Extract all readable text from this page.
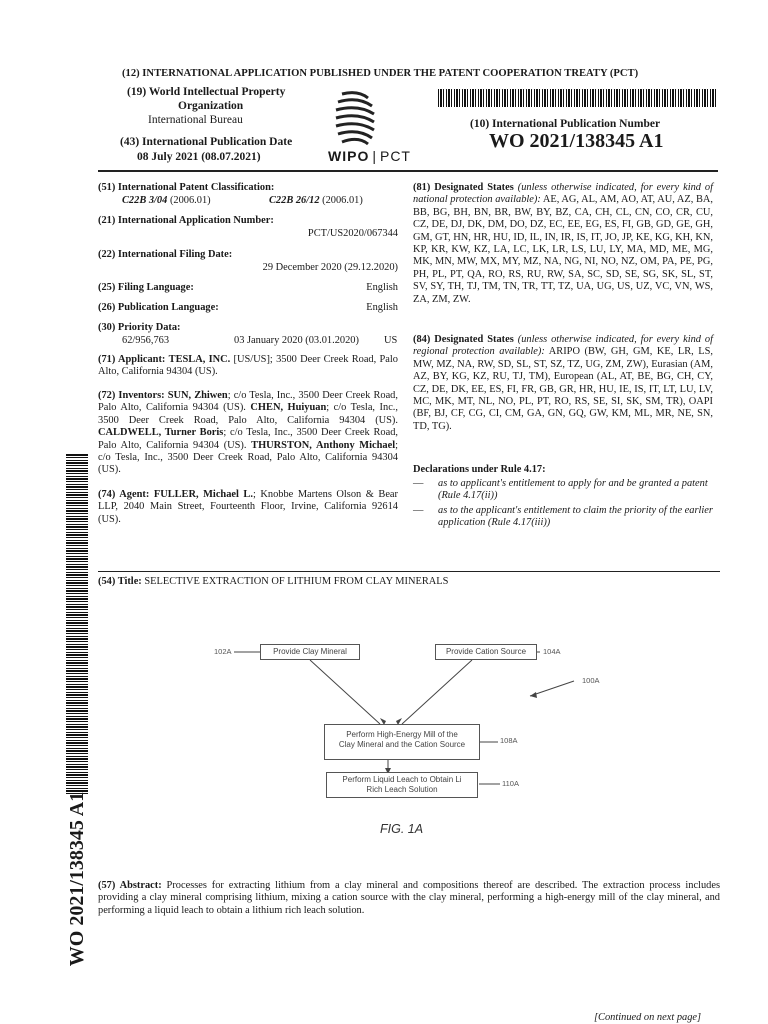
(12) INTERNATIONAL APPLICATION PUBLISHED UNDER THE PATENT COOPERATION TREATY (PCT)
(19) World Intellectual Property
Organization
International Bureau
WIPO | PCT
(10) International Publication Number
WO 2021/138345 A1
(43) International Publication Date
08 July 2021 (08.07.2021)
(51) International Patent Classification:
C22B 3/04 (2006.01)	C22B 26/12 (2006.01)
(21) International Application Number:
PCT/US2020/067344
(22) International Filing Date:
29 December 2020 (29.12.2020)
(25) Filing Language:	English
(26) Publication Language:	English
(30) Priority Data:
62/956,763	03 January 2020 (03.01.2020) US
(71) Applicant: TESLA, INC. [US/US]; 3500 Deer Creek Road, Palo Alto, California 94304 (US).
(72) Inventors: SUN, Zhiwen; c/o Tesla, Inc., 3500 Deer Creek Road, Palo Alto, California 94304 (US). CHEN, Huiyuan; c/o Tesla, Inc., 3500 Deer Creek Road, Palo Alto, California 94304 (US). CALDWELL, Turner Boris; c/o Tesla, Inc., 3500 Deer Creek Road, Palo Alto, California 94304 (US). THURSTON, Anthony Michael; c/o Tesla, Inc., 3500 Deer Creek Road, Palo Alto, California 94304 (US).
(74) Agent: FULLER, Michael L.; Knobbe Martens Olson & Bear LLP, 2040 Main Street, Fourteenth Floor, Irvine, California 92614 (US).
(81) Designated States (unless otherwise indicated, for every kind of national protection available): AE, AG, AL, AM, AO, AT, AU, AZ, BA, BB, BG, BH, BN, BR, BW, BY, BZ, CA, CH, CL, CN, CO, CR, CU, CZ, DE, DJ, DK, DM, DO, DZ, EC, EE, EG, ES, FI, GB, GD, GE, GH, GM, GT, HN, HR, HU, ID, IL, IN, IR, IS, IT, JO, JP, KE, KG, KH, KN, KP, KR, KW, KZ, LA, LC, LK, LR, LS, LU, LY, MA, MD, ME, MG, MK, MN, MW, MX, MY, MZ, NA, NG, NI, NO, NZ, OM, PA, PE, PG, PH, PL, PT, QA, RO, RS, RU, RW, SA, SC, SD, SE, SG, SK, SL, ST, SV, SY, TH, TJ, TM, TN, TR, TT, TZ, UA, UG, US, UZ, VC, VN, WS, ZA, ZM, ZW.
(84) Designated States (unless otherwise indicated, for every kind of regional protection available): ARIPO (BW, GH, GM, KE, LR, LS, MW, MZ, NA, RW, SD, SL, ST, SZ, TZ, UG, ZM, ZW), Eurasian (AM, AZ, BY, KG, KZ, RU, TJ, TM), European (AL, AT, BE, BG, CH, CY, CZ, DE, DK, EE, ES, FI, FR, GB, GR, HR, HU, IE, IS, IT, LT, LU, LV, MC, MK, MT, NL, NO, PL, PT, RO, RS, SE, SI, SK, SM, TR), OAPI (BF, BJ, CF, CG, CI, CM, GA, GN, GQ, GW, KM, ML, MR, NE, SN, TD, TG).
Declarations under Rule 4.17:
— as to applicant's entitlement to apply for and be granted a patent (Rule 4.17(ii))
— as to the applicant's entitlement to claim the priority of the earlier application (Rule 4.17(iii))
(54) Title: SELECTIVE EXTRACTION OF LITHIUM FROM CLAY MINERALS
102A	Provide Clay Mineral	Provide Cation Source	104A
100A
Perform High-Energy Mill of the
Clay Mineral and the Cation Source	108A
Perform Liquid Leach to Obtain Li
Rich Leach Solution
110A
FIG. 1A
(57) Abstract: Processes for extracting lithium from a clay mineral and compositions thereof are described. The extraction process includes providing a clay mineral comprising lithium, mixing a cation source with the clay mineral, performing a high-energy mill of the clay mineral, and performing a liquid leach to obtain a lithium rich leach solution.
[Continued on next page]
WO 2021/138345 A1
